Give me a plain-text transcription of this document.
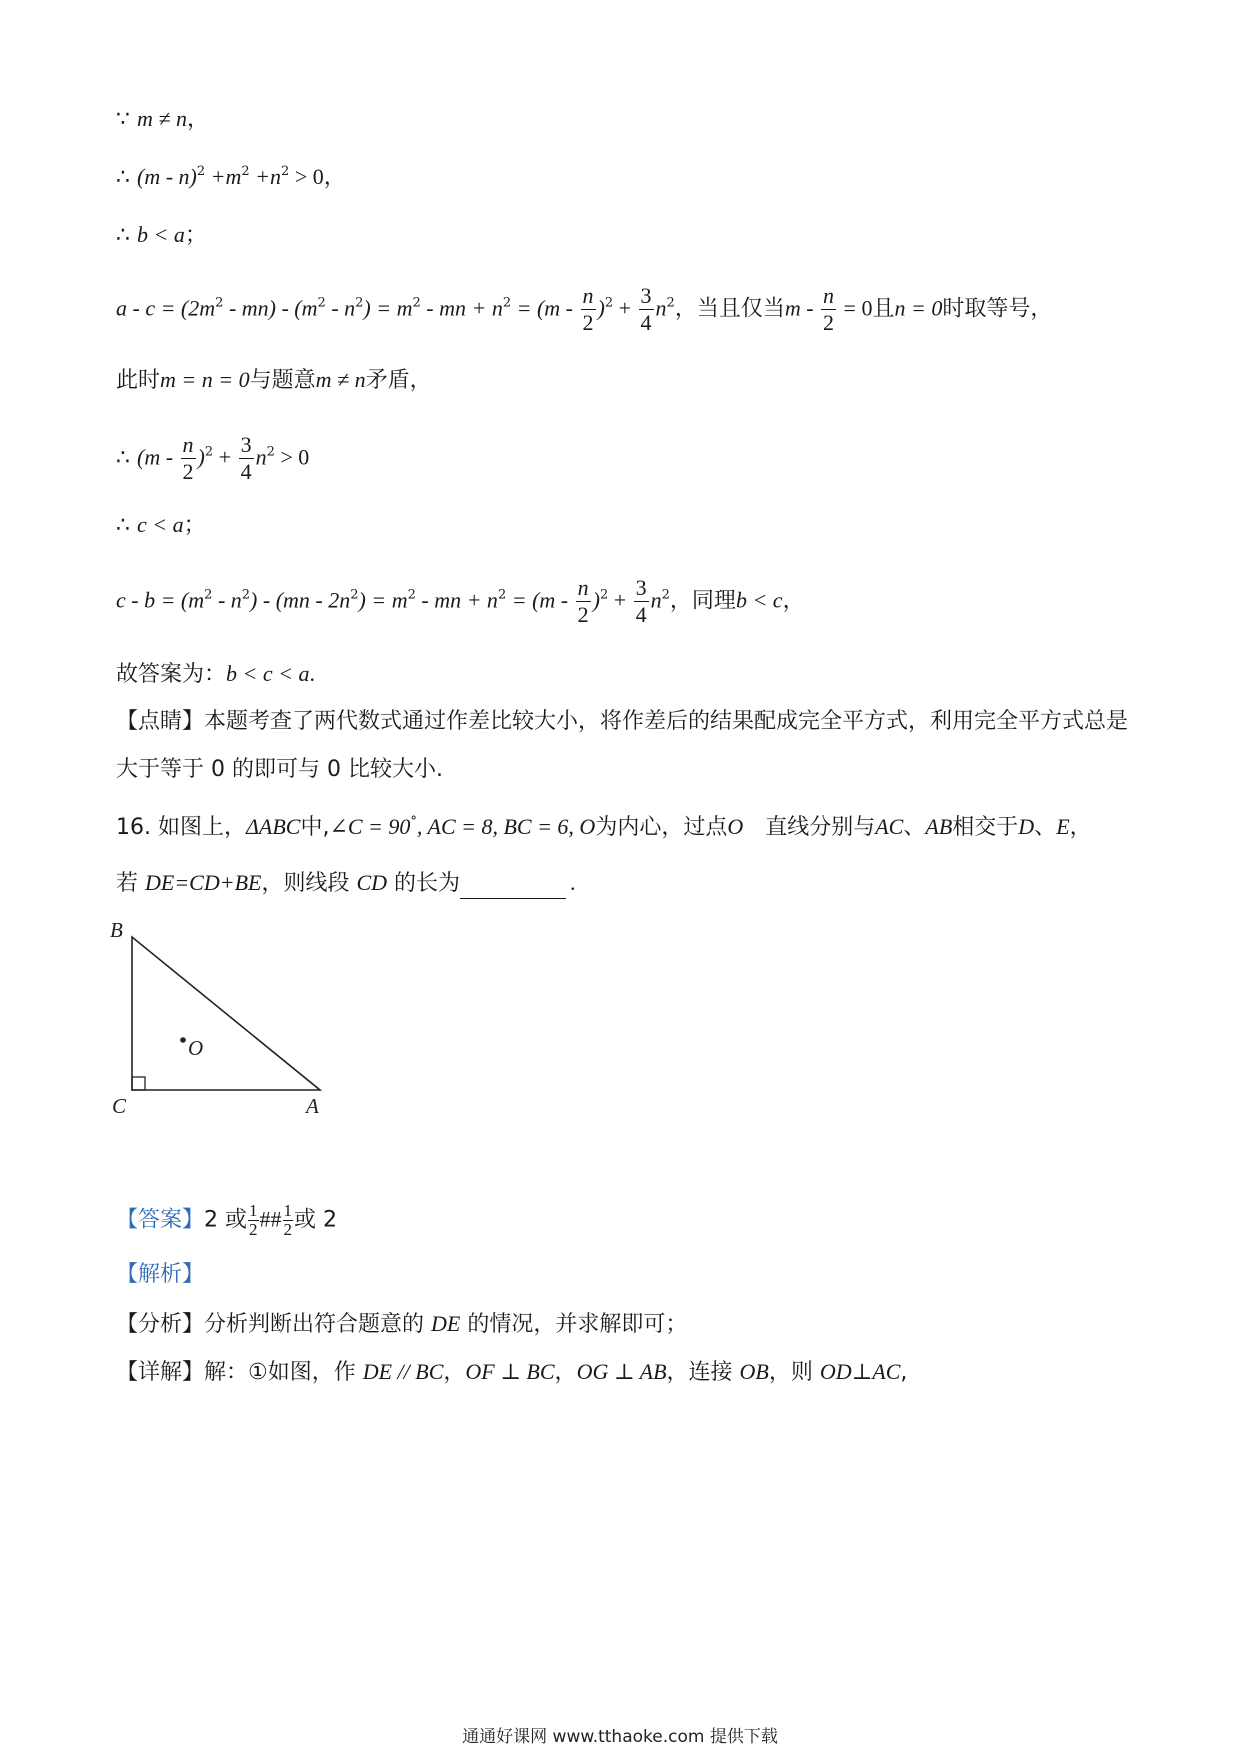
∵ m ≠ n，
∴ $(m - n)^2 +m^2 +n^2 > 0$，
∴ b < a；
$a - c = (2m^2 - mn) - (m^2 - n^2) = m^2$ - mn + $n^2 = (m - \frac{n}{2} )^2 + \frac{3}{4} n^2$，当且仅当$m - \frac{n}{2} = 0$且n = 0时取等号，
此时m = n = 0与题意m ≠ n矛盾，
∴ $(m - \frac{n}{2} )^2 + \frac{3}{4} n^2 > 0$
∴ c < a；
$c - b = (m^2 - n^2) - (mn - 2n^2) = m^2$ - mn + $n^2 = (m - \frac{n}{2} )^2 + \frac{3}{4} n^2$，同理b < c，
故答案为：b < c < a.
【点睛】本题考查了两代数式通过作差比较大小，将作差后的结果配成完全平方式，利用完全平方式总是
大于等于 0 的即可与 0 比较大小.
16. 如图上，ΔABC中,∠C = 90°, AC = 8, BC = 6, O为内心，过点O　直线分别与AC、AB相交于D、E，
若 DE=CD+BE，则线段 CD 的长为	.
B
C	A
O
【答案】2 或 $\frac{1}{2}$ ## $\frac{1}{2}$ 或 2
【解析】
【分析】分析判断出符合题意的 DE 的情况，并求解即可；
【详解】解：①如图，作 DE // BC，OF ⊥ BC，OG ⊥ AB，连接 OB，则 OD⊥AC,
通通好课网 www.tthaoke.com 提供下载
